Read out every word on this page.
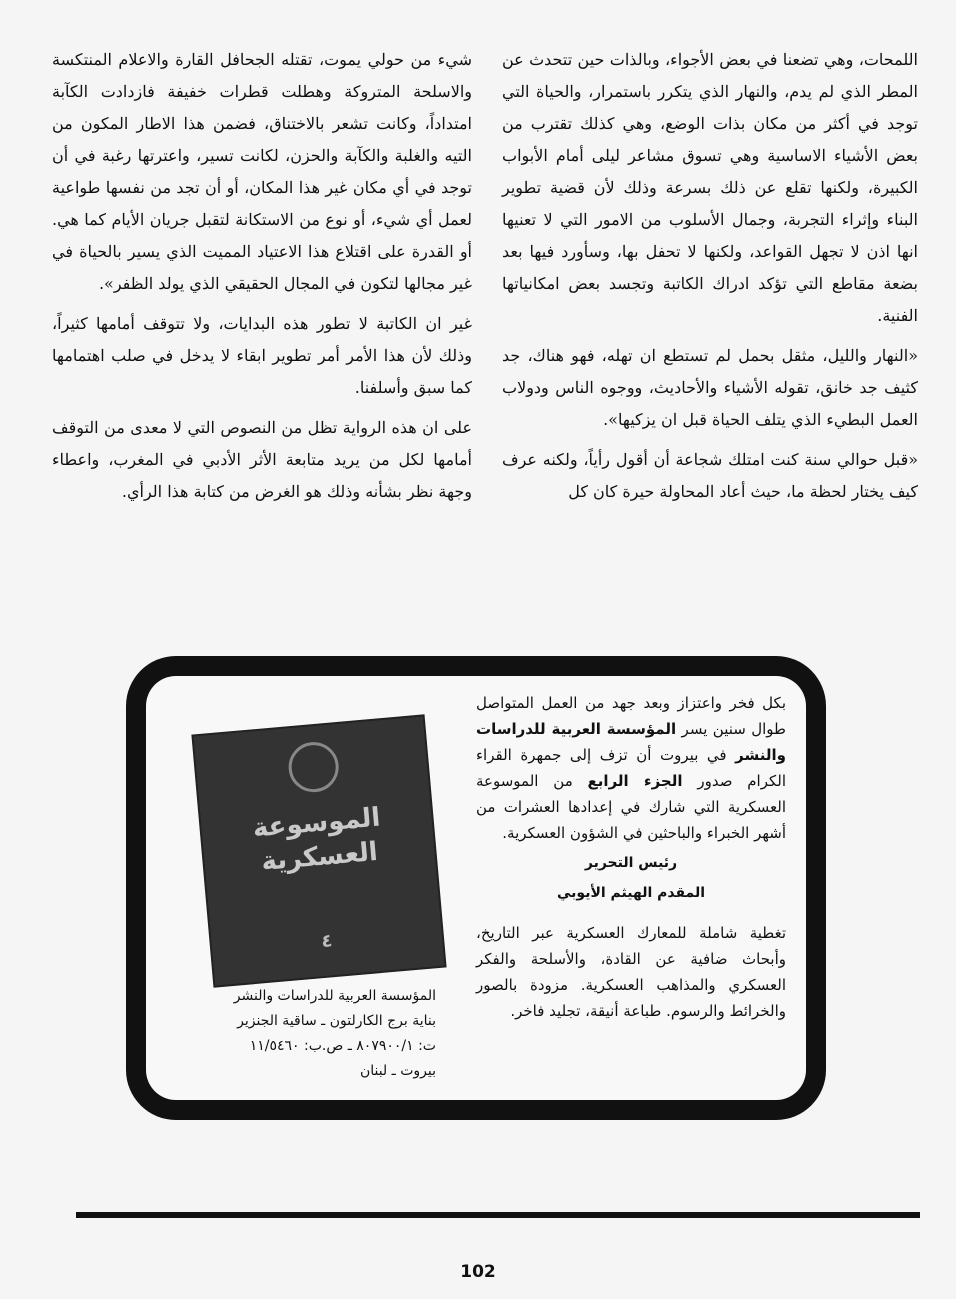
اللمحات، وهي تضعنا في بعض الأجواء، وبالذات حين تتحدث عن المطر الذي لم يدم، والنهار الذي يتكرر باستمرار، والحياة التي توجد في أكثر من مكان بذات الوضع، وهي كذلك تقترب من بعض الأشياء الاساسية وهي تسوق مشاعر ليلى أمام الأبواب الكبيرة، ولكنها تقلع عن ذلك بسرعة وذلك لأن قضية تطوير البناء وإثراء التجربة، وجمال الأسلوب من الامور التي لا تعنيها انها اذن لا تجهل القواعد، ولكنها لا تحفل بها، وسأورد فيها بعد بضعة مقاطع التي تؤكد ادراك الكاتبة وتجسد بعض امكانياتها الفنية.

«النهار والليل، مثقل بحمل لم تستطع ان تهله، فهو هناك، جد كثيف جد خانق، تقوله الأشياء والأحاديث، ووجوه الناس ودولاب العمل البطيء الذي يتلف الحياة قبل ان يزكيها».

«قبل حوالي سنة كنت امتلك شجاعة أن أقول رأياً، ولكنه عرف كيف يختار لحظة ما، حيث أعاد المحاولة حيرة كان كل

شيء من حولي يموت، تقتله الجحافل القارة والاعلام المنتكسة والاسلحة المتروكة وهطلت قطرات خفيفة فازدادت الكآبة امتداداً، وكانت تشعر بالاختناق، فضمن هذا الاطار المكون من التيه والغلبة والكآبة والحزن، لكانت تسير، واعترتها رغبة في أن توجد في أي مكان غير هذا المكان، أو أن تجد من نفسها طواعية لعمل أي شيء، أو نوع من الاستكانة لتقبل جريان الأيام كما هي. أو القدرة على اقتلاع هذا الاعتياد المميت الذي يسير بالحياة في غير مجالها لتكون في المجال الحقيقي الذي يولد الظفر».

غير ان الكاتبة لا تطور هذه البدايات، ولا تتوقف أمامها كثيراً، وذلك لأن هذا الأمر أمر تطوير ابقاء لا يدخل في صلب اهتمامها كما سبق وأسلفنا.

على ان هذه الرواية تظل من النصوص التي لا معدى من التوقف أمامها لكل من يريد متابعة الأثر الأدبي في المغرب، واعطاء وجهة نظر بشأنه وذلك هو الغرض من كتابة هذا الرأي.

بكل فخر واعتزاز وبعد جهد من العمل المتواصل طوال سنين يسر المؤسسة العربية للدراسات والنشر في بيروت أن تزف إلى جمهرة القراء الكرام صدور الجزء الرابع من الموسوعة العسكرية التي شارك في إعدادها العشرات من أشهر الخبراء والباحثين في الشؤون العسكرية.
رئيس التحرير
المقدم الهيثم الأيوبي
تغطية شاملة للمعارك العسكرية عبر التاريخ، وأبحاث ضافية عن القادة، والأسلحة والفكر العسكري والمذاهب العسكرية. مزودة بالصور والخرائط والرسوم. طباعة أنيقة، تجليد فاخر.
الموسوعة العسكرية
٤
المؤسسة العربية للدراسات والنشر
بناية برج الكارلتون ـ ساقية الجنزير
ت: ٨٠٧٩٠٠/١ ـ ص.ب: ١١/٥٤٦٠
بيروت ـ لبنان
102
